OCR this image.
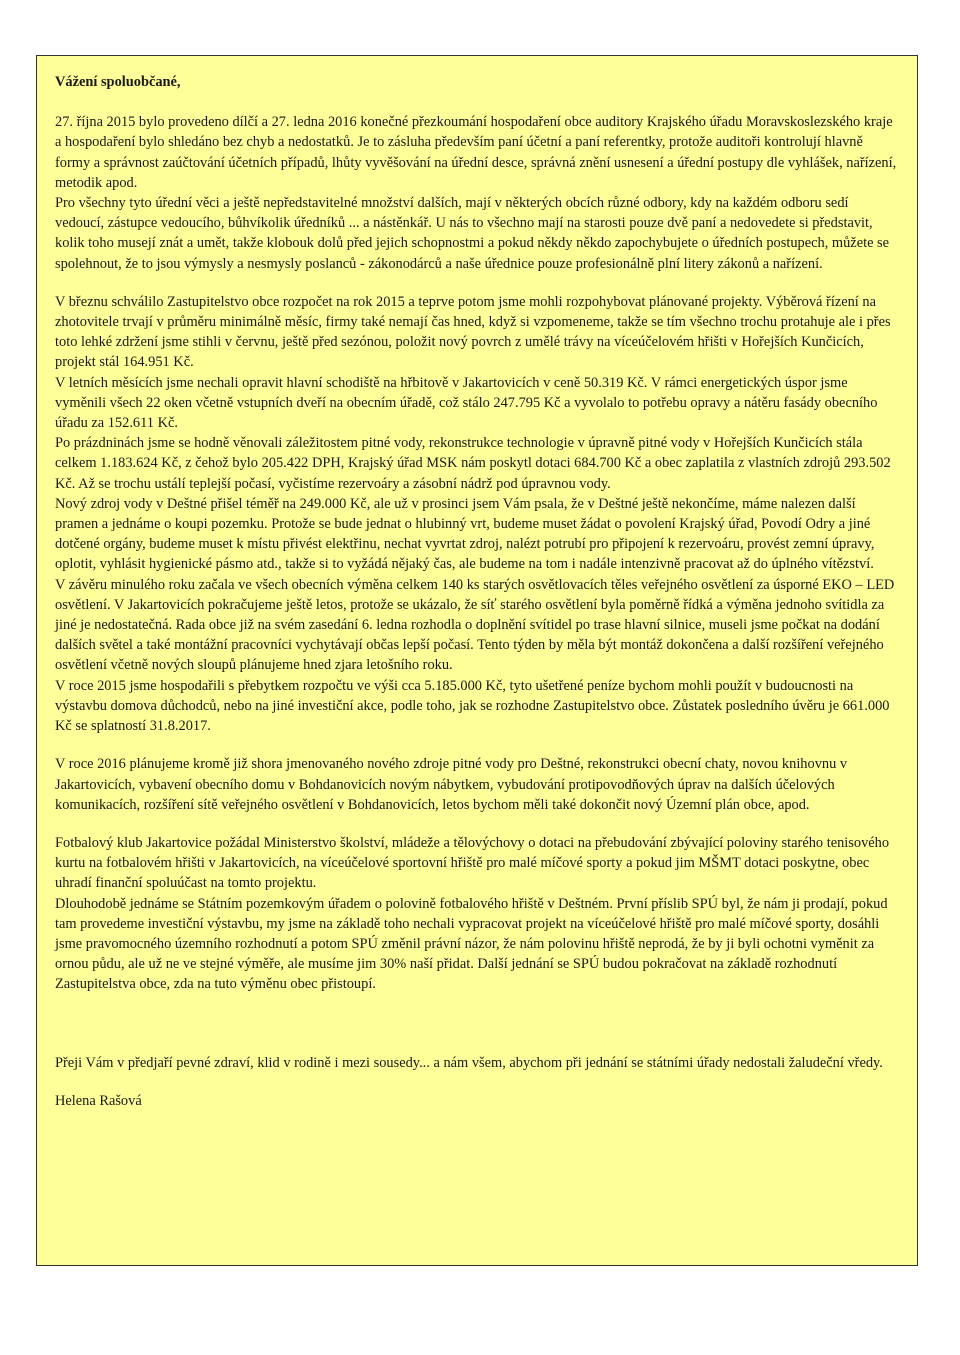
Vážení spoluobčané,

27. října 2015 bylo provedeno dílčí a 27. ledna 2016 konečné přezkoumání hospodaření obce auditory Krajského úřadu Moravskoslezského kraje a hospodaření bylo shledáno bez chyb a nedostatků. Je to zásluha především paní účetní a paní referentky, protože auditoři kontrolují hlavně formy a správnost zaúčtování účetních případů, lhůty vyvěšování na úřední desce, správná znění usnesení a úřední postupy dle vyhlášek, nařízení, metodik apod.

Pro všechny tyto úřední věci a ještě nepředstavitelné množství dalších, mají v některých obcích různé odbory, kdy na každém odboru sedí vedoucí, zástupce vedoucího, bůhvíkolik úředníků ... a nástěnkář. U nás to všechno mají na starosti pouze dvě paní a nedovedete si představit, kolik toho musejí znát a umět, takže klobouk dolů před jejich schopnostmi a pokud někdy někdo zapochybujete o úředních postupech, můžete se spolehnout, že to jsou výmysly a nesmysly poslanců - zákonodárců a naše úřednice pouze profesionálně plní litery zákonů a nařízení.

V březnu schválilo Zastupitelstvo obce rozpočet na rok 2015 a teprve potom jsme mohli rozpohybovat plánované projekty. Výběrová řízení na zhotovitele trvají v průměru minimálně měsíc, firmy také nemají čas hned, když si vzpomeneme, takže se tím všechno trochu protahuje ale i přes toto lehké zdržení jsme stihli v červnu, ještě před sezónou, položit nový povrch z umělé trávy na víceúčelovém hřišti v Hořejších Kunčicích, projekt stál 164.951 Kč.

V letních měsících jsme nechali opravit hlavní schodiště na hřbitově v Jakartovicích v ceně 50.319 Kč. V rámci energetických úspor jsme vyměnili všech 22 oken včetně vstupních dveří na obecním úřadě, což stálo 247.795 Kč a vyvolalo to potřebu opravy a nátěru fasády obecního úřadu za 152.611 Kč.

Po prázdninách jsme se hodně věnovali záležitostem pitné vody, rekonstrukce technologie v úpravně pitné vody v Hořejších Kunčicích stála celkem 1.183.624 Kč, z čehož bylo 205.422 DPH, Krajský úřad MSK nám poskytl dotaci 684.700 Kč a obec zaplatila z vlastních zdrojů 293.502 Kč. Až se trochu ustálí teplejší počasí, vyčistíme rezervoáry a zásobní nádrž pod úpravnou vody.

Nový zdroj vody v Deštné přišel téměř na 249.000 Kč, ale už v prosinci jsem Vám psala, že v Deštné ještě nekončíme, máme nalezen další pramen a jednáme o koupi pozemku. Protože se bude jednat o hlubinný vrt, budeme muset žádat o povolení Krajský úřad, Povodí Odry a jiné dotčené orgány, budeme muset k místu přivést elektřinu, nechat vyvrtat zdroj, nalézt potrubí pro připojení k rezervoáru, provést zemní úpravy, oplotit, vyhlásit hygienické pásmo atd., takže si to vyžádá nějaký čas, ale budeme na tom i nadále intenzivně pracovat až do úplného vítězství.

V závěru minulého roku začala ve všech obecních výměna celkem 140 ks starých osvětlovacích těles veřejného osvětlení za úsporné EKO – LED osvětlení. V Jakartovicích pokračujeme ještě letos, protože se ukázalo, že síť starého osvětlení byla poměrně řídká a výměna jednoho svítidla za jiné je nedostatečná. Rada obce již na svém zasedání 6. ledna rozhodla o doplnění svítidel po trase hlavní silnice, museli jsme počkat na dodání dalších světel a také montážní pracovníci vychytávají občas lepší počasí. Tento týden by měla být montáž dokončena a další rozšíření veřejného osvětlení včetně nových sloupů plánujeme hned zjara letošního roku.

V roce 2015 jsme hospodařili s přebytkem rozpočtu ve výši cca 5.185.000 Kč, tyto ušetřené peníze bychom mohli použít v budoucnosti na výstavbu domova důchodců, nebo na jiné investiční akce, podle toho, jak se rozhodne Zastupitelstvo obce. Zůstatek posledního úvěru je 661.000 Kč se splatností 31.8.2017.

V roce 2016 plánujeme kromě již shora jmenovaného nového zdroje pitné vody pro Deštné, rekonstrukci obecní chaty, novou knihovnu v Jakartovicích, vybavení obecního domu v Bohdanovicích novým nábytkem, vybudování protipovodňových úprav na dalších účelových komunikacích, rozšíření sítě veřejného osvětlení v Bohdanovicích, letos bychom měli také dokončit nový Územní plán obce, apod.

Fotbalový klub Jakartovice požádal Ministerstvo školství, mládeže a tělovýchovy o dotaci na přebudování zbývající poloviny starého tenisového kurtu na fotbalovém hřišti v Jakartovicích, na víceúčelové sportovní hřiště pro malé míčové sporty a pokud jim MŠMT dotaci poskytne, obec uhradí finanční spoluúčast na tomto projektu.

Dlouhodobě jednáme se Státním pozemkovým úřadem o polovině fotbalového hřiště v Deštném. První příslib SPÚ byl, že nám ji prodají, pokud tam provedeme investiční výstavbu, my jsme na základě toho nechali vypracovat projekt na víceúčelové hřiště pro malé míčové sporty, dosáhli jsme pravomocného územního rozhodnutí a potom SPÚ změnil právní názor, že nám polovinu hřiště neprodá, že by ji byli ochotni vyměnit za ornou půdu, ale už ne ve stejné výměře, ale musíme jim 30% naší přidat. Další jednání se SPÚ budou pokračovat na základě rozhodnutí Zastupitelstva obce, zda na tuto výměnu obec přistoupí.

Přeji Vám v předjaří pevné zdraví, klid v rodině i mezi sousedy... a nám všem, abychom při jednání se státními úřady nedostali žaludeční vředy.

Helena Rašová
